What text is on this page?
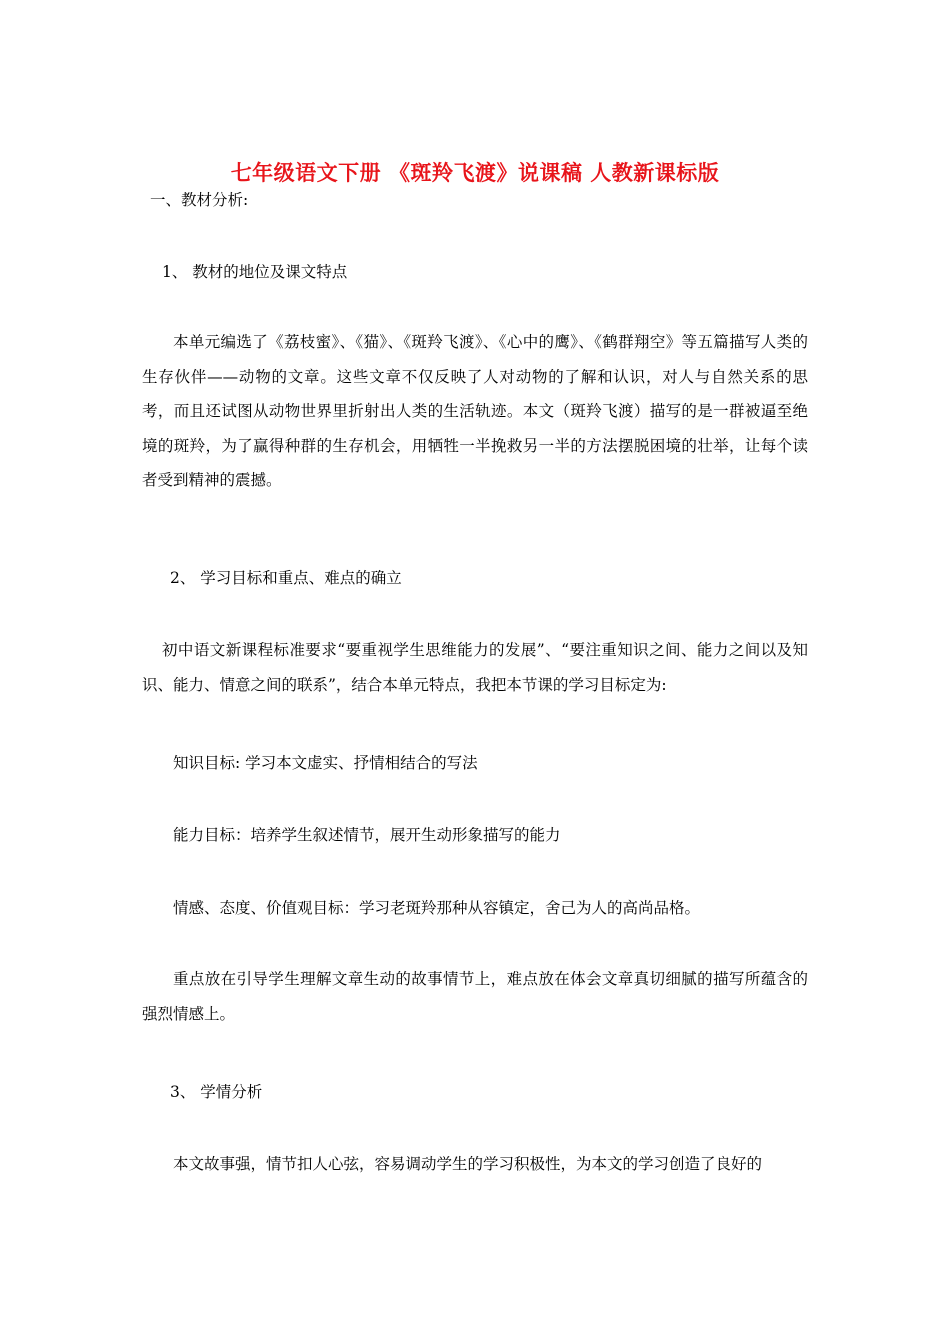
七年级语文下册 《斑羚飞渡》说课稿 人教新课标版
一、教材分析:
1、 教材的地位及课文特点

本单元编选了《荔枝蜜》、《猫》、《斑羚飞渡》、《心中的鹰》、《鹤群翔空》等五篇描写人类的生存伙伴——动物的文章。这些文章不仅反映了人对动物的了解和认识，对人与自然关系的思考，而且还试图从动物世界里折射出人类的生活轨迹。本文（斑羚飞渡）描写的是一群被逼至绝境的斑羚，为了赢得种群的生存机会，用牺牲一半挽救另一半的方法摆脱困境的壮举，让每个读者受到精神的震撼。

2、 学习目标和重点、难点的确立

初中语文新课程标准要求“要重视学生思维能力的发展”、“要注重知识之间、能力之间以及知识、能力、情意之间的联系”，结合本单元特点，我把本节课的学习目标定为:

知识目标: 学习本文虚实、抒情相结合的写法
能力目标：培养学生叙述情节，展开生动形象描写的能力
情感、态度、价值观目标：学习老斑羚那种从容镇定，舍己为人的高尚品格。

重点放在引导学生理解文章生动的故事情节上，难点放在体会文章真切细腻的描写所蕴含的强烈情感上。

3、 学情分析

本文故事强，情节扣人心弦，容易调动学生的学习积极性，为本文的学习创造了良好的
